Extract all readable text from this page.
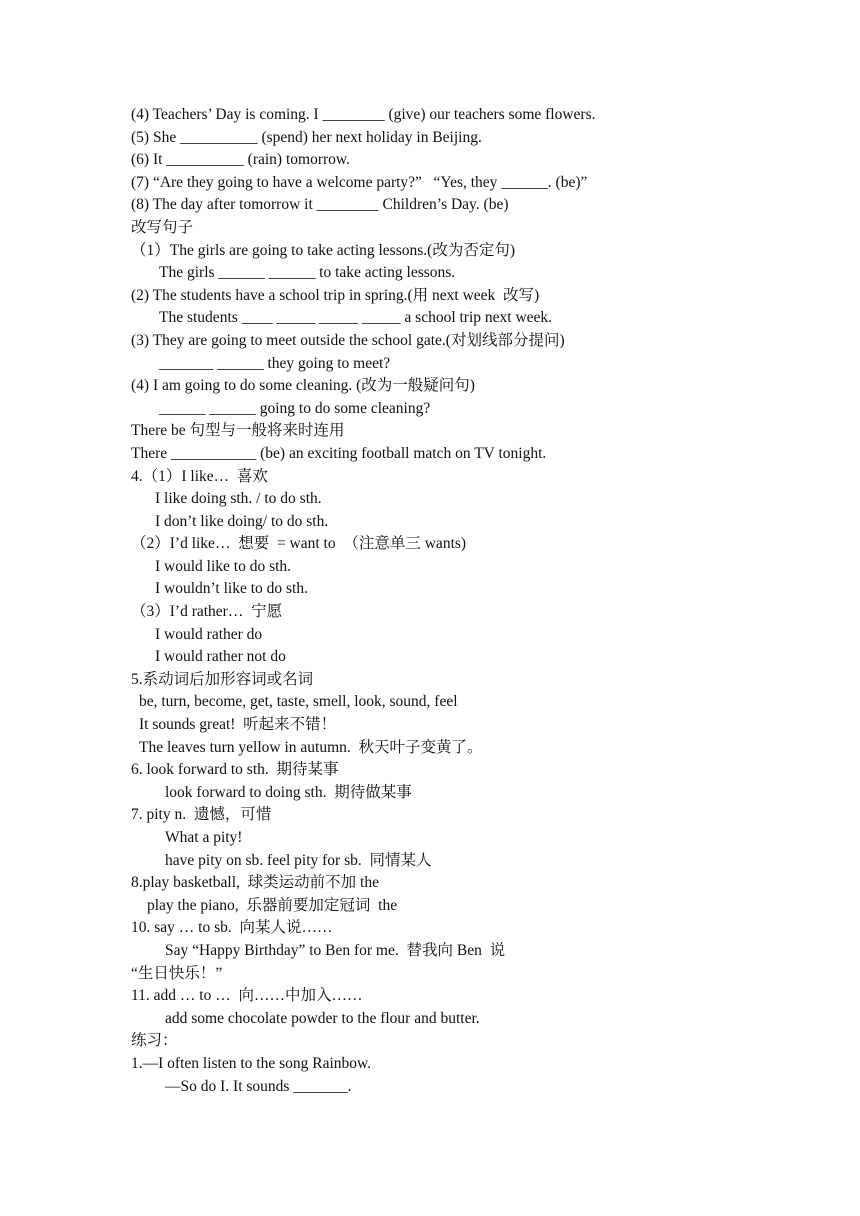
(4) Teachers’ Day is coming. I ________ (give) our teachers some flowers.
(5) She __________ (spend) her next holiday in Beijing.
(6) It __________ (rain) tomorrow.
(7) “Are they going to have a welcome party?”   “Yes, they ______. (be)”
(8) The day after tomorrow it ________ Children’s Day. (be)
改写句子
（1）The girls are going to take acting lessons.(改为否定句)
The girls ______ ______ to take acting lessons.
(2) The students have a school trip in spring.(用 next week  改写)
The students ____ _____ _____ _____ a school trip next week.
(3) They are going to meet outside the school gate.(对划线部分提问)
_______ ______ they going to meet?
(4) I am going to do some cleaning. (改为一般疑问句)
______ ______ going to do some cleaning?
There be 句型与一般将来时连用
There ___________ (be) an exciting football match on TV tonight.
4.（1）I like…  喜欢
I like doing sth. / to do sth.
I don’t like doing/ to do sth.
（2）I’d like…  想要  = want to  （注意单三 wants)
I would like to do sth.
I wouldn’t like to do sth.
（3）I’d rather…  宁愿
I would rather do
I would rather not do
5.系动词后加形容词或名词
be, turn, become, get, taste, smell, look, sound, feel
It sounds great!  听起来不错！
The leaves turn yellow in autumn.  秋天叶子变黄了。
6. look forward to sth.  期待某事
look forward to doing sth.  期待做某事
7. pity n.  遗憾，可惜
What a pity!
have pity on sb. feel pity for sb.  同情某人
8.play basketball,  球类运动前不加 the
play the piano,  乐器前要加定冠词  the
10. say … to sb.  向某人说……
Say “Happy Birthday” to Ben for me.  替我向 Ben  说
“生日快乐！”
11. add … to …  向……中加入……
add some chocolate powder to the flour and butter.
练习：
1.—I often listen to the song Rainbow.
—So do I. It sounds _______.
